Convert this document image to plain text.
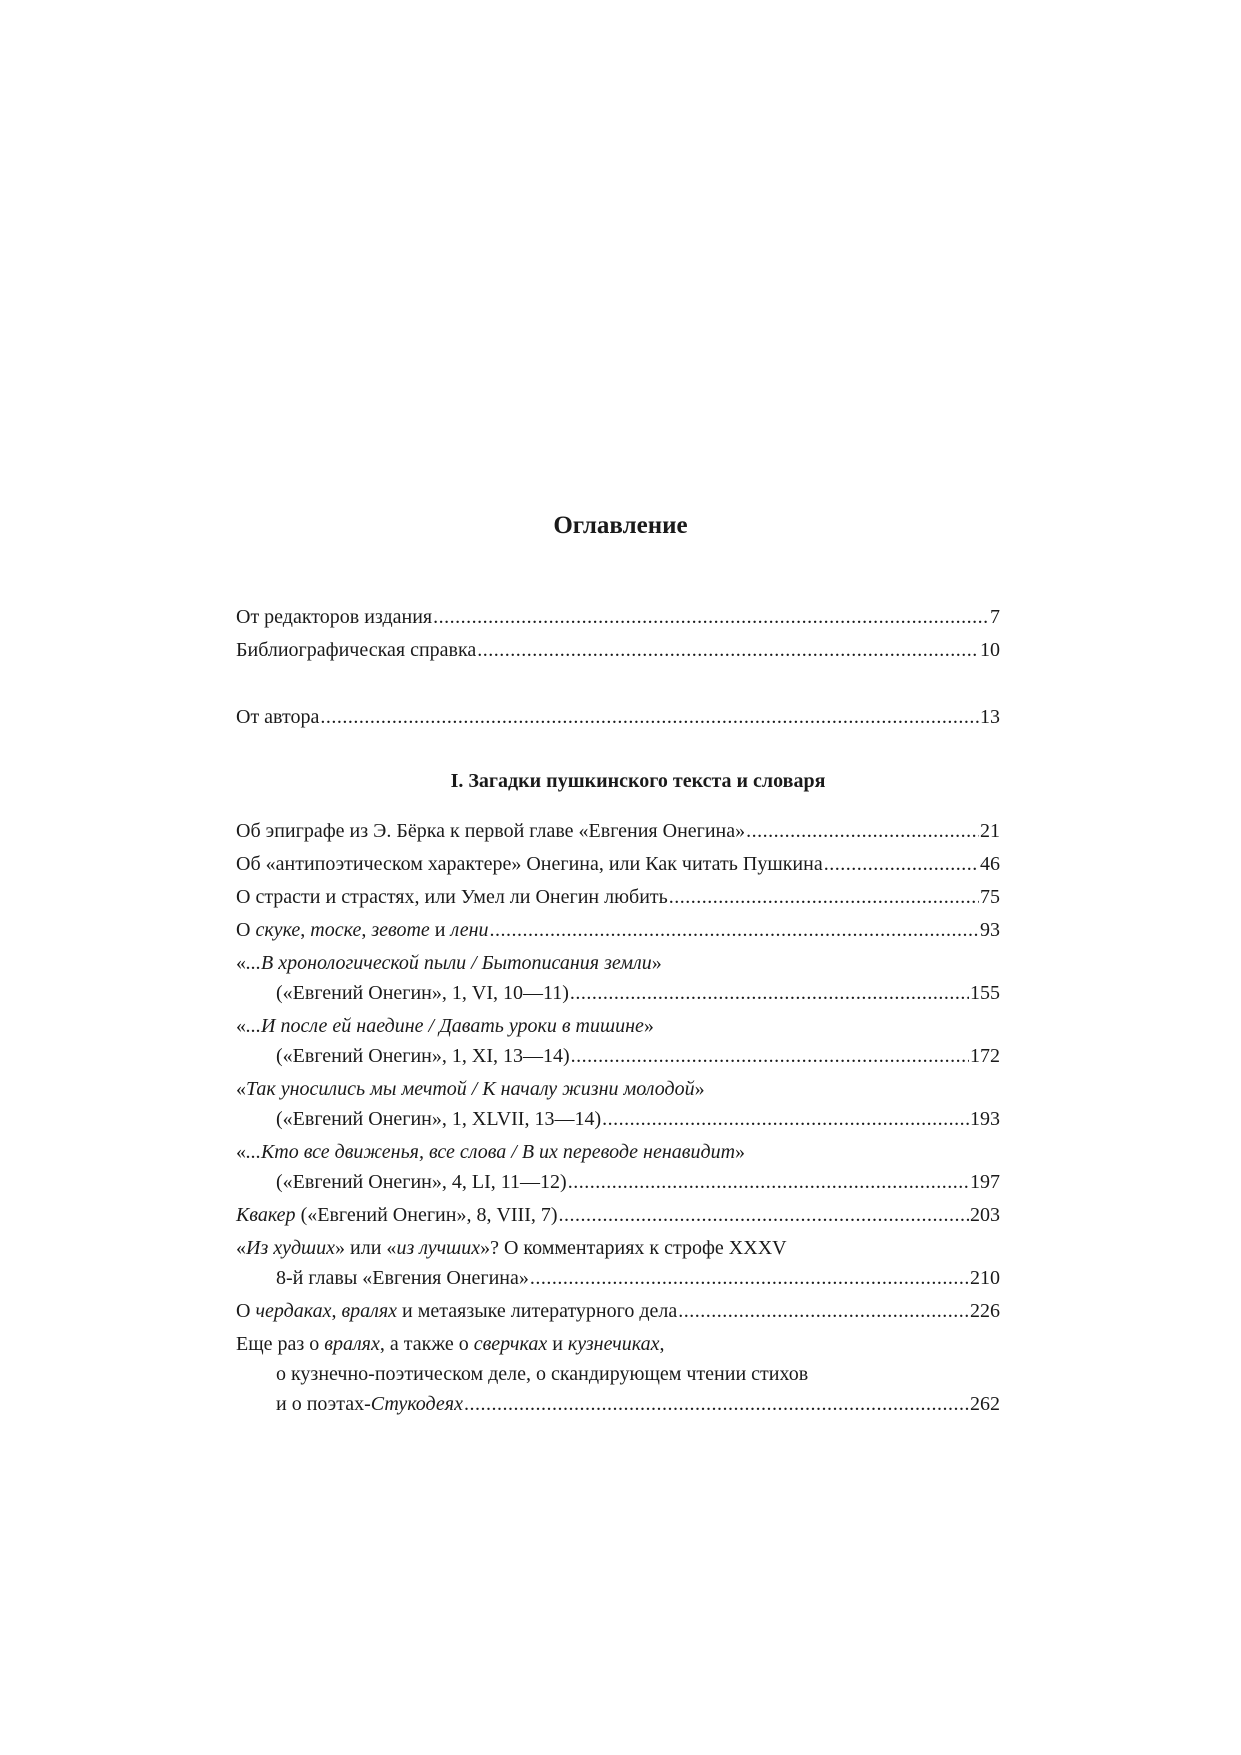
Оглавление
От редакторов издания .....	7
Библиографическая справка .....	10
От автора .....	13
I. Загадки пушкинского текста и словаря
Об эпиграфе из Э. Бёрка к первой главе «Евгения Онегина» .....	21
Об «антипоэтическом характере» Онегина, или Как читать Пушкина .....	46
О страсти и страстях, или Умел ли Онегин любить .....	75
О скуке, тоске, зевоте и лени .....	93
«...В хронологической пыли / Бытописания земли»
(«Евгений Онегин», 1, VI, 10—11) .....	155
«...И после ей наедине / Давать уроки в тишине»
(«Евгений Онегин», 1, XI, 13—14) .....	172
«Так уносились мы мечтой / К началу жизни молодой»
(«Евгений Онегин», 1, XLVII, 13—14) .....	193
«...Кто все движенья, все слова / В их переводе ненавидит»
(«Евгений Онегин», 4, LI, 11—12) .....	197
Квакер («Евгений Онегин», 8, VIII, 7) .....	203
«Из худших» или «из лучших»? О комментариях к строфе XXXV
8-й главы «Евгения Онегина» .....	210
О чердаках, вралях и метаязыке литературного дела .....	226
Еще раз о вралях, а также о сверчках и кузнечиках,
о кузнечно-поэтическом деле, о скандирующем чтении стихов
и о поэтах-Стукодеях .....	262
